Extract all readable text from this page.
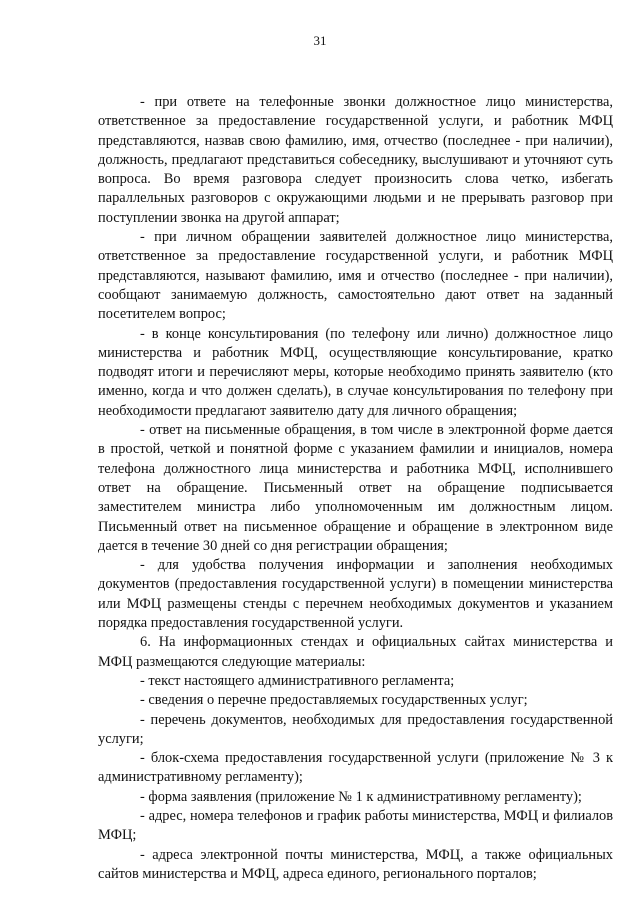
31

- при ответе на телефонные звонки должностное лицо министерства, ответственное за предоставление государственной услуги, и работник МФЦ представляются, назвав свою фамилию, имя, отчество (последнее - при наличии), должность, предлагают представиться собеседнику, выслушивают и уточняют суть вопроса. Во время разговора следует произносить слова четко, избегать параллельных разговоров с окружающими людьми и не прерывать разговор при поступлении звонка на другой аппарат;

- при личном обращении заявителей должностное лицо министерства, ответственное за предоставление государственной услуги, и работник МФЦ представляются, называют фамилию, имя и отчество (последнее - при наличии), сообщают занимаемую должность, самостоятельно дают ответ на заданный посетителем вопрос;

- в конце консультирования (по телефону или лично) должностное лицо министерства и работник МФЦ, осуществляющие консультирование, кратко подводят итоги и перечисляют меры, которые необходимо принять заявителю (кто именно, когда и что должен сделать), в случае консультирования по телефону при необходимости предлагают заявителю дату для личного обращения;

- ответ на письменные обращения, в том числе в электронной форме дается в простой, четкой и понятной форме с указанием фамилии и инициалов, номера телефона должностного лица министерства и работника МФЦ, исполнившего ответ на обращение. Письменный ответ на обращение подписывается заместителем министра либо уполномоченным им должностным лицом. Письменный ответ на письменное обращение и обращение в электронном виде дается в течение 30 дней со дня регистрации обращения;

- для удобства получения информации и заполнения необходимых документов (предоставления государственной услуги) в помещении министерства или МФЦ размещены стенды с перечнем необходимых документов и указанием порядка предоставления государственной услуги.

6. На информационных стендах и официальных сайтах министерства и МФЦ размещаются следующие материалы:

- текст настоящего административного регламента;

- сведения о перечне предоставляемых государственных услуг;

- перечень документов, необходимых для предоставления государственной услуги;

- блок-схема предоставления государственной услуги (приложение № 3 к административному регламенту);

- форма заявления (приложение № 1 к административному регламенту);

- адрес, номера телефонов и график работы министерства, МФЦ и филиалов МФЦ;

- адреса электронной почты министерства, МФЦ, а также официальных сайтов министерства и МФЦ, адреса единого, регионального порталов;
